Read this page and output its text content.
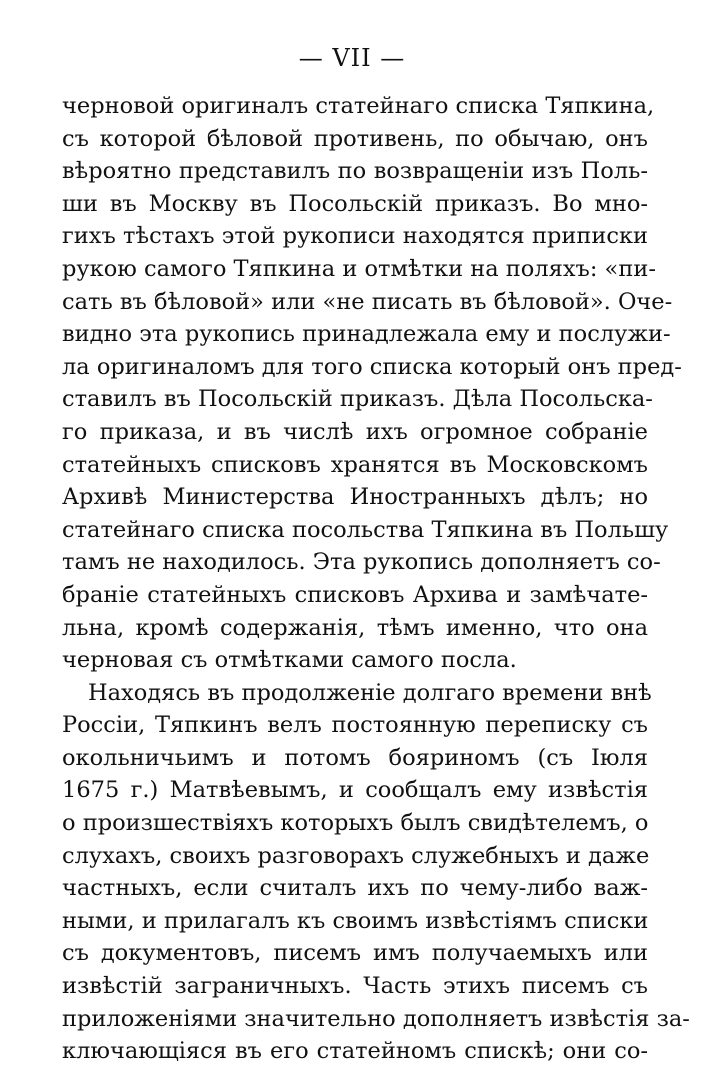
— VII —
черновой оригиналъ статейнаго списка Тяпкина,
съ которой бѣловой противень, по обычаю, онъ
вѣроятно представилъ по возвращеніи изъ Поль-
ши въ Москву въ Посольскій приказъ. Во мно-
гихъ тѣстахъ этой рукописи находятся приписки
рукою самого Тяпкина и отмѣтки на поляхъ: «пи-
сать въ бѣловой» или «не писать въ бѣловой». Оче-
видно эта рукопись принадлежала ему и послужи-
ла оригиналомъ для того списка который онъ пред-
ставилъ въ Посольскій приказъ. Дѣла Посольска-
го приказа, и въ числѣ ихъ огромное собраніе
статейныхъ списковъ хранятся въ Московскомъ
Архивѣ Министерства Иностранныхъ дѣлъ; но
статейнаго списка посольства Тяпкина въ Польшу
тамъ не находилось. Эта рукопись дополняетъ со-
браніе статейныхъ списковъ Архива и замѣчате-
льна, кромѣ содержанія, тѣмъ именно, что она
черновая съ отмѣтками самого посла.
Находясь въ продолженіе долгаго времени внѣ
Россіи, Тяпкинъ велъ постоянную переписку съ
окольничьимъ и потомъ бояриномъ (съ Іюля
1675 г.) Матвѣевымъ, и сообщалъ ему извѣстія
о произшествіяхъ которыхъ былъ свидѣтелемъ, о
слухахъ, своихъ разговорахъ служебныхъ и даже
частныхъ, если считалъ ихъ по чему-либо важ-
ными, и прилагалъ къ своимъ извѣстіямъ списки
съ документовъ, писемъ имъ получаемыхъ или
извѣстій заграничныхъ. Часть этихъ писемъ съ
приложеніями значительно дополняетъ извѣстія за-
ключающіяся въ его статейномъ спискѣ; они со-
